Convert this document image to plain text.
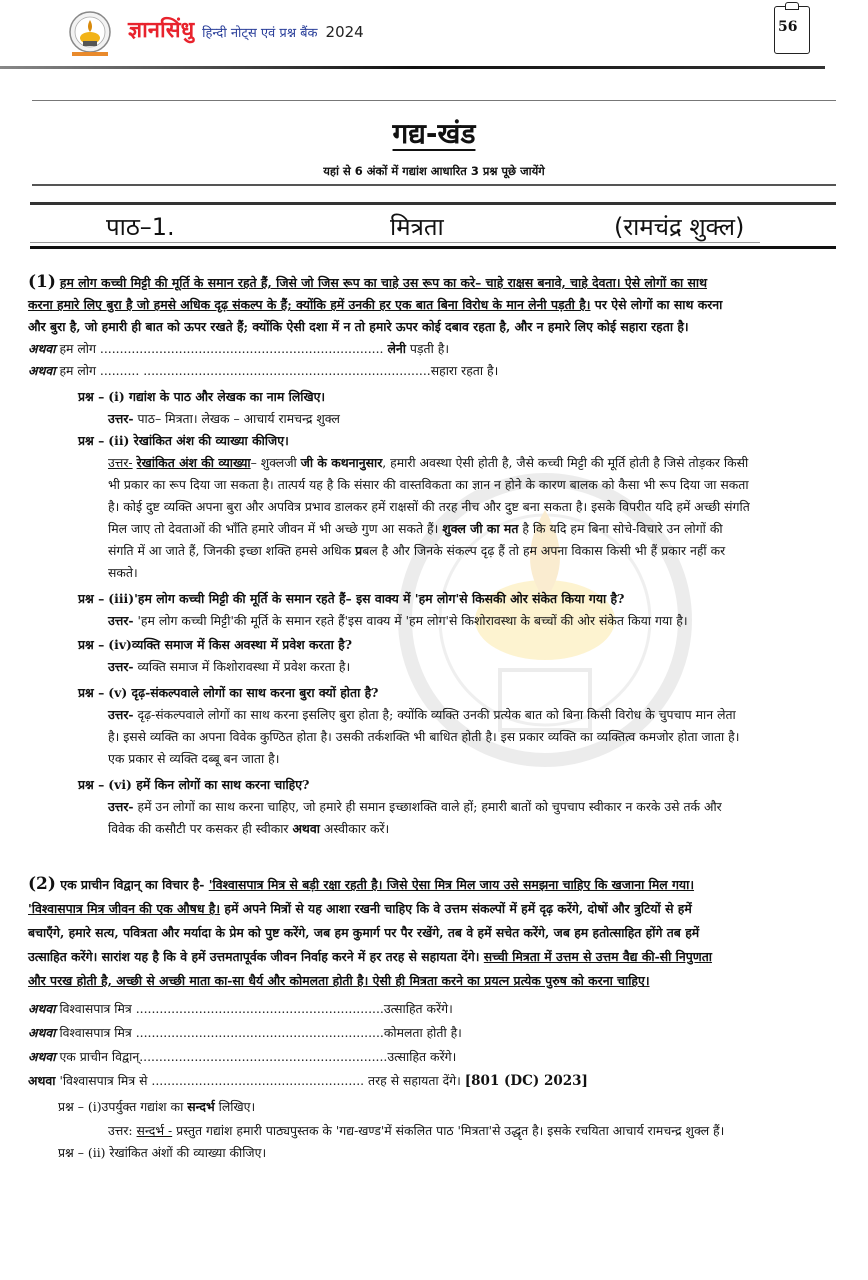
ज्ञानसिंधु हिन्दी नोट्स एवं प्रश्न बैंक 2024	56
गद्य-खंड
यहां से 6 अंकों में गद्यांश आधारित 3 प्रश्न पूछे जायेंगे
पाठ–1.	मित्रता	(रामचंद्र शुक्ल)
(1) हम लोग कच्ची मिट्टी की मूर्ति के समान रहते हैं, जिसे जो जिस रूप का चाहे उस रूप का करे– चाहे राक्षस बनावे, चाहे देवता। ऐसे लोगों का साथ
करना हमारे लिए बुरा है जो हमसे अधिक दृढ़ संकल्प के हैं; क्योंकि हमें उनकी हर एक बात बिना विरोध के मान लेनी पड़ती है। पर ऐसे लोगों का साथ करना
और बुरा है, जो हमारी ही बात को ऊपर रखते हैं; क्योंकि ऐसी दशा में न तो हमारे ऊपर कोई दबाव रहता है, और न हमारे लिए कोई सहारा रहता है।
अथवा हम लोग ........................................................................ लेनी पड़ती है।
अथवा हम लोग .......... .........................................................................सहारा रहता है।
प्रश्न – (i) गद्यांश के पाठ और लेखक का नाम लिखिए।
उत्तर- पाठ– मित्रता। लेखक – आचार्य रामचन्द्र शुक्ल
प्रश्न – (ii) रेखांकित अंश की व्याख्या कीजिए।
उत्तर- रेखांकित अंश की व्याख्या– शुक्लजी जी के कथनानुसार, हमारी अवस्था ऐसी होती है, जैसे कच्ची मिट्टी की मूर्ति होती है जिसे तोड़कर किसी
भी प्रकार का रूप दिया जा सकता है। तात्पर्य यह है कि संसार की वास्तविकता का ज्ञान न होने के कारण बालक को कैसा भी रूप दिया जा सकता
है। कोई दुष्ट व्यक्ति अपना बुरा और अपवित्र प्रभाव डालकर हमें राक्षसों की तरह नीच और दुष्ट बना सकता है। इसके विपरीत यदि हमें अच्छी संगति
मिल जाए तो देवताओं की भाँति हमारे जीवन में भी अच्छे गुण आ सकते हैं। शुक्ल जी का मत है कि यदि हम बिना सोचे-विचारे उन लोगों की
संगति में आ जाते हैं, जिनकी इच्छा शक्ति हमसे अधिक प्रबल है और जिनके संकल्प दृढ़ हैं तो हम अपना विकास किसी भी हैं प्रकार नहीं कर
सकते।
प्रश्न – (iii)'हम लोग कच्ची मिट्टी की मूर्ति के समान रहते हैं– इस वाक्य में 'हम लोग'से किसकी ओर संकेत किया गया है?
उत्तर- 'हम लोग कच्ची मिट्टी'की मूर्ति के समान रहते हैं'इस वाक्य में 'हम लोग'से किशोरावस्था के बच्चों की ओर संकेत किया गया है।
प्रश्न – (iv)व्यक्ति समाज में किस अवस्था में प्रवेश करता है?
उत्तर- व्यक्ति समाज में किशोरावस्था में प्रवेश करता है।
प्रश्न – (v) दृढ़-संकल्पवाले लोगों का साथ करना बुरा क्यों होता है?
उत्तर- दृढ़-संकल्पवाले लोगों का साथ करना इसलिए बुरा होता है; क्योंकि व्यक्ति उनकी प्रत्येक बात को बिना किसी विरोध के चुपचाप मान लेता
है। इससे व्यक्ति का अपना विवेक कुण्ठित होता है। उसकी तर्कशक्ति भी बाधित होती है। इस प्रकार व्यक्ति का व्यक्तित्व कमजोर होता जाता है।
एक प्रकार से व्यक्ति दब्बू बन जाता है।
प्रश्न – (vi) हमें किन लोगों का साथ करना चाहिए?
उत्तर- हमें उन लोगों का साथ करना चाहिए, जो हमारे ही समान इच्छाशक्ति वाले हों; हमारी बातों को चुपचाप स्वीकार न करके उसे तर्क और
विवेक की कसौटी पर कसकर ही स्वीकार अथवा अस्वीकार करें।
(2) एक प्राचीन विद्वान् का विचार है- 'विश्वासपात्र मित्र से बड़ी रक्षा रहती है। जिसे ऐसा मित्र मिल जाय उसे समझना चाहिए कि खजाना मिल गया।
'विश्वासपात्र मित्र जीवन की एक औषध है। हमें अपने मित्रों से यह आशा रखनी चाहिए कि वे उत्तम संकल्पों में हमें दृढ़ करेंगे, दोषों और त्रुटियों से हमें
बचाएँगे, हमारे सत्य, पवित्रता और मर्यादा के प्रेम को पुष्ट करेंगे, जब हम कुमार्ग पर पैर रखेंगे, तब वे हमें सचेत करेंगे, जब हम हतोत्साहित होंगे तब हमें
उत्साहित करेंगे। सारांश यह है कि वे हमें उत्तमतापूर्वक जीवन निर्वाह करने में हर तरह से सहायता देंगे। सच्ची मित्रता में उत्तम से उत्तम वैद्य की-सी निपुणता
और परख होती है, अच्छी से अच्छी माता का-सा धैर्य और कोमलता होती है। ऐसी ही मित्रता करने का प्रयत्न प्रत्येक पुरुष को करना चाहिए।
अथवा विश्वासपात्र मित्र ...............................................................उत्साहित करेंगे।
अथवा विश्वासपात्र मित्र ...............................................................कोमलता होती है।
अथवा एक प्राचीन विद्वान्...............................................................उत्साहित करेंगे।
अथवा 'विश्वासपात्र मित्र से ...................................................... तरह से सहायता देंगे। [801 (DC) 2023]
प्रश्न – (i)उपर्युक्त गद्यांश का सन्दर्भ लिखिए।
उत्तर: सन्दर्भ - प्रस्तुत गद्यांश हमारी पाठ्यपुस्तक के 'गद्य-खण्ड'में संकलित पाठ 'मित्रता'से उद्धृत है। इसके रचयिता आचार्य रामचन्द्र शुक्ल हैं।
प्रश्न – (ii) रेखांकित अंशों की व्याख्या कीजिए।
